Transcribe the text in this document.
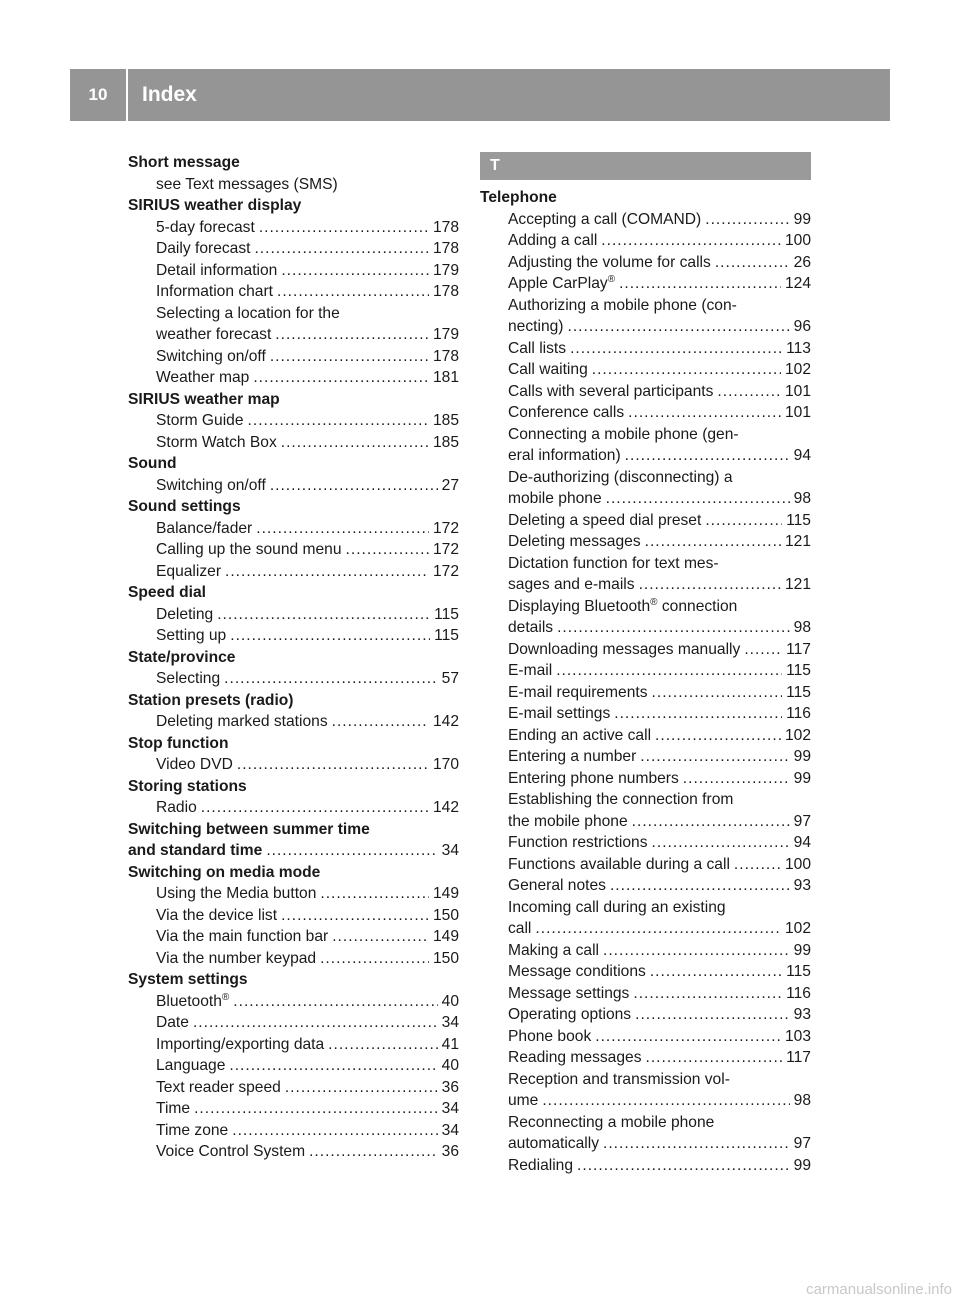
10	Index
Short message
see Text messages (SMS)
SIRIUS weather display
5-day forecast .....	178
Daily forecast .....	178
Detail information .....	179
Information chart .....	178
Selecting a location for the
weather forecast .....	179
Switching on/off .....	178
Weather map .....	181
SIRIUS weather map
Storm Guide .....	185
Storm Watch Box .....	185
Sound
Switching on/off .....	27
Sound settings
Balance/fader .....	172
Calling up the sound menu .....	172
Equalizer .....	172
Speed dial
Deleting .....	115
Setting up .....	115
State/province
Selecting .....	57
Station presets (radio)
Deleting marked stations .....	142
Stop function
Video DVD .....	170
Storing stations
Radio .....	142
Switching between summer time
and standard time .....	34
Switching on media mode
Using the Media button .....	149
Via the device list .....	150
Via the main function bar .....	149
Via the number keypad .....	150
System settings
Bluetooth® .....	40
Date .....	34
Importing/exporting data .....	41
Language .....	40
Text reader speed .....	36
Time .....	34
Time zone .....	34
Voice Control System .....	36
T
Telephone
Accepting a call (COMAND) .....	99
Adding a call .....	100
Adjusting the volume for calls .....	26
Apple CarPlay® .....	124
Authorizing a mobile phone (con-
necting) .....	96
Call lists .....	113
Call waiting .....	102
Calls with several participants .....	101
Conference calls .....	101
Connecting a mobile phone (gen-
eral information) .....	94
De-authorizing (disconnecting) a
mobile phone .....	98
Deleting a speed dial preset .....	115
Deleting messages .....	121
Dictation function for text mes-
sages and e-mails .....	121
Displaying Bluetooth® connection
details .....	98
Downloading messages manually .....	117
E-mail .....	115
E-mail requirements .....	115
E-mail settings .....	116
Ending an active call .....	102
Entering a number .....	99
Entering phone numbers .....	99
Establishing the connection from
the mobile phone .....	97
Function restrictions .....	94
Functions available during a call .....	100
General notes .....	93
Incoming call during an existing
call .....	102
Making a call .....	99
Message conditions .....	115
Message settings .....	116
Operating options .....	93
Phone book .....	103
Reading messages .....	117
Reception and transmission vol-
ume .....	98
Reconnecting a mobile phone
automatically .....	97
Redialing .....	99
carmanualsonline.info
